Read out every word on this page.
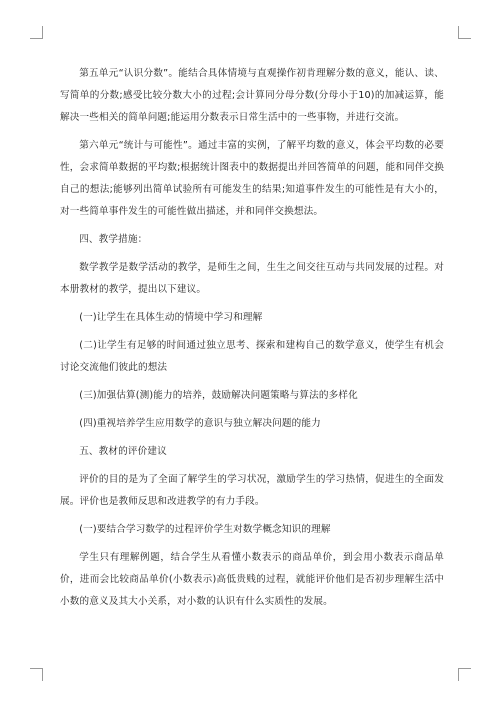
第五单元“认识分数”。能结合具体情境与直观操作初肯理解分数的意义，能认、读、写简单的分数;感受比较分数大小的过程;会计算同分母分数(分母小于10)的加减运算，能解决一些相关的简单问题;能运用分数表示日常生活中的一些事物，并进行交流。

第六单元“统计与可能性”。通过丰富的实例，了解平均数的意义，体会平均数的必要性，会求简单数据的平均数;根据统计图表中的数据提出并回答简单的问题，能和同伴交换自己的想法;能够列出简单试验所有可能发生的结果;知道事件发生的可能性是有大小的，对一些简单事件发生的可能性做出描述，并和同伴交换想法。

四、教学措施：

数学教学是数学活动的教学，是师生之间，生生之间交往互动与共同发展的过程。对本册教材的教学，提出以下建议。

(一)让学生在具体生动的情境中学习和理解

(二)让学生有足够的时间通过独立思考、探索和建构自己的数学意义，使学生有机会讨论交流他们彼此的想法

(三)加强估算(测)能力的培养，鼓励解决问题策略与算法的多样化

(四)重视培养学生应用数学的意识与独立解决问题的能力

五、教材的评价建议

评价的目的是为了全面了解学生的学习状况，激励学生的学习热情，促进生的全面发展。评价也是教师反思和改进教学的有力手段。

(一)要结合学习数学的过程评价学生对数学概念知识的理解

学生只有理解例题，结合学生从看懂小数表示的商品单价，到会用小数表示商品单价，进而会比较商品单价(小数表示)高低贵贱的过程，就能评价他们是否初步理解生活中小数的意义及其大小关系，对小数的认识有什么实质性的发展。
